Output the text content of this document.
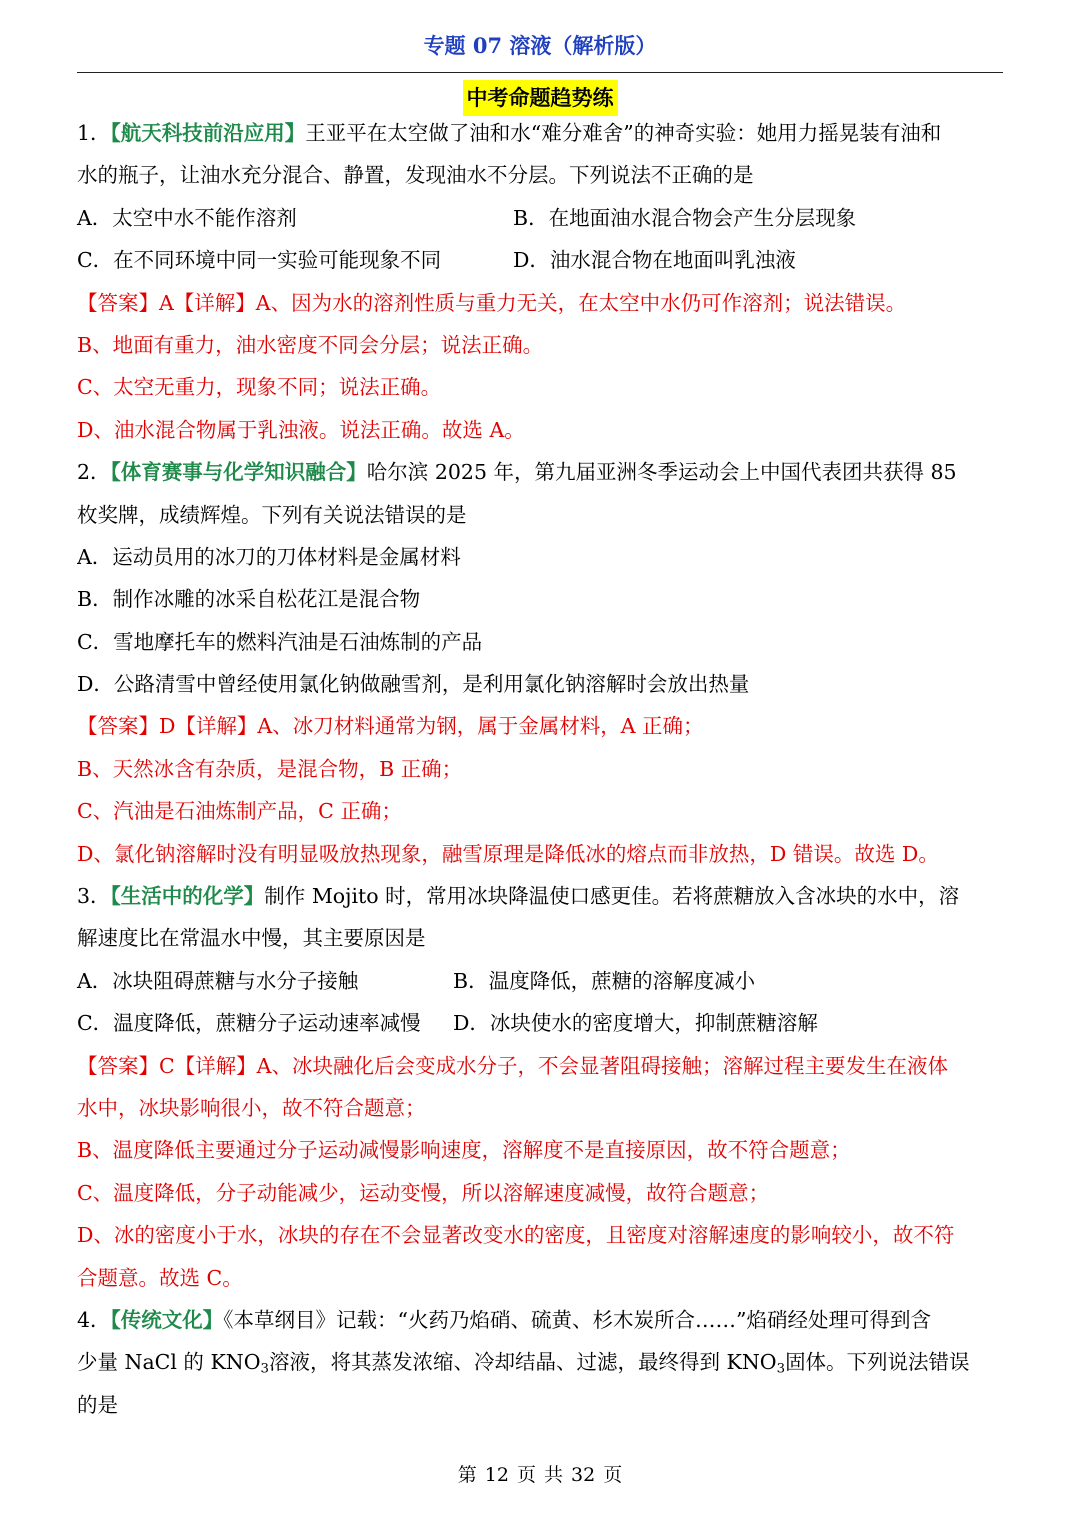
专题 07 溶液（解析版）
中考命题趋势练
1．【航天科技前沿应用】王亚平在太空做了油和水“难分难舍”的神奇实验：她用力摇晃装有油和
水的瓶子，让油水充分混合、静置，发现油水不分层。下列说法不正确的是
A．太空中水不能作溶剂	B．在地面油水混合物会产生分层现象
C．在不同环境中同一实验可能现象不同	D．油水混合物在地面叫乳浊液
【答案】A【详解】A、因为水的溶剂性质与重力无关，在太空中水仍可作溶剂；说法错误。
B、地面有重力，油水密度不同会分层；说法正确。
C、太空无重力，现象不同；说法正确。
D、油水混合物属于乳浊液。说法正确。故选 A。
2．【体育赛事与化学知识融合】哈尔滨 2025 年，第九届亚洲冬季运动会上中国代表团共获得 85
枚奖牌，成绩辉煌。下列有关说法错误的是
A．运动员用的冰刀的刀体材料是金属材料
B．制作冰雕的冰采自松花江是混合物
C．雪地摩托车的燃料汽油是石油炼制的产品
D．公路清雪中曾经使用氯化钠做融雪剂，是利用氯化钠溶解时会放出热量
【答案】D【详解】A、冰刀材料通常为钢，属于金属材料，A 正确；
B、天然冰含有杂质，是混合物，B 正确；
C、汽油是石油炼制产品，C 正确；
D、氯化钠溶解时没有明显吸放热现象，融雪原理是降低冰的熔点而非放热，D 错误。故选 D。
3．【生活中的化学】制作 Mojito 时，常用冰块降温使口感更佳。若将蔗糖放入含冰块的水中，溶
解速度比在常温水中慢，其主要原因是
A．冰块阻碍蔗糖与水分子接触	B．温度降低，蔗糖的溶解度减小
C．温度降低，蔗糖分子运动速率减慢 D．冰块使水的密度增大，抑制蔗糖溶解
【答案】C【详解】A、冰块融化后会变成水分子，不会显著阻碍接触；溶解过程主要发生在液体
水中，冰块影响很小，故不符合题意；
B、温度降低主要通过分子运动减慢影响速度，溶解度不是直接原因，故不符合题意；
C、温度降低，分子动能减少，运动变慢，所以溶解速度减慢，故符合题意；
D、冰的密度小于水，冰块的存在不会显著改变水的密度，且密度对溶解速度的影响较小，故不符
合题意。故选 C。
4．【传统文化】《本草纲目》记载：“火药乃焰硝、硫黄、杉木炭所合……”焰硝经处理可得到含
少量 NaCl 的 $KNO_3$溶液，将其蒸发浓缩、冷却结晶、过滤，最终得到 $KNO_3$固体。下列说法错误
的是
第 12 页 共 32 页
